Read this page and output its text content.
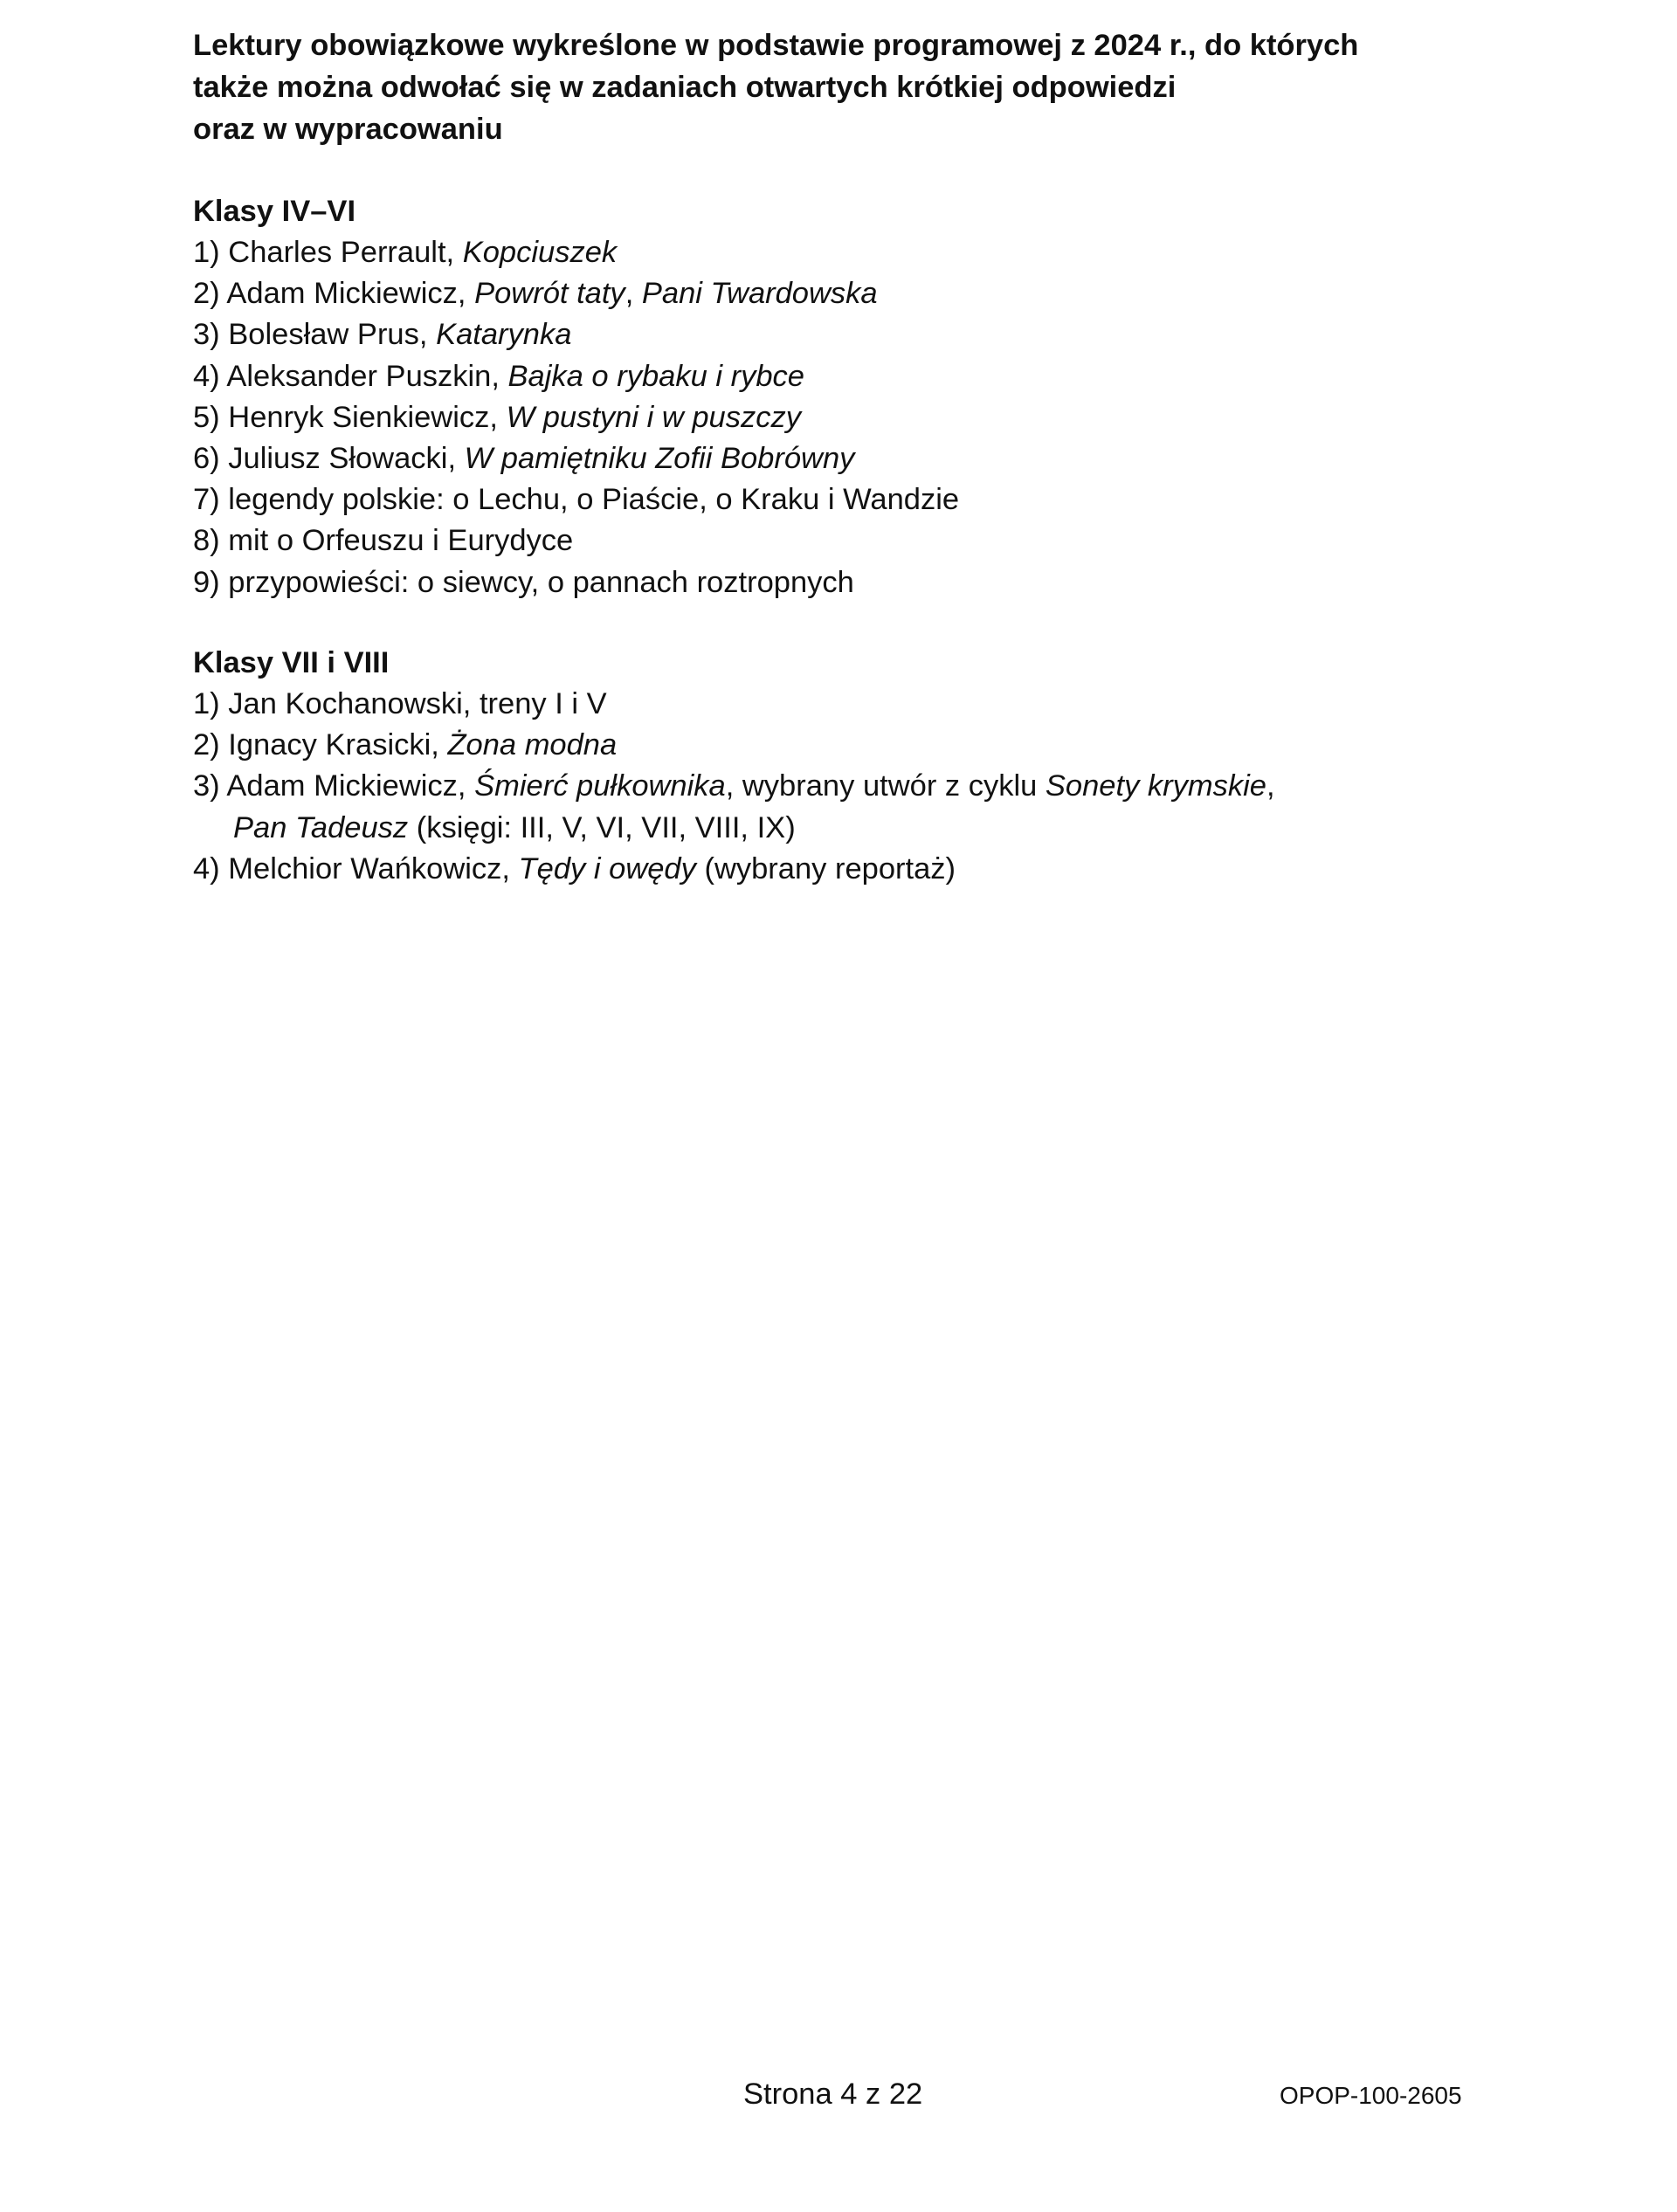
Lektury obowiązkowe wykreślone w podstawie programowej z 2024 r., do których
także można odwołać się w zadaniach otwartych krótkiej odpowiedzi
oraz w wypracowaniu
Klasy IV–VI
1) Charles Perrault, Kopciuszek
2) Adam Mickiewicz, Powrót taty, Pani Twardowska
3) Bolesław Prus, Katarynka
4) Aleksander Puszkin, Bajka o rybaku i rybce
5) Henryk Sienkiewicz, W pustyni i w puszczy
6) Juliusz Słowacki, W pamiętniku Zofii Bobrówny
7) legendy polskie: o Lechu, o Piaście, o Kraku i Wandzie
8) mit o Orfeuszu i Eurydyce
9) przypowieści: o siewcy, o pannach roztropnych
Klasy VII i VIII
1) Jan Kochanowski, treny I i V
2) Ignacy Krasicki, Żona modna
3) Adam Mickiewicz, Śmierć pułkownika, wybrany utwór z cyklu Sonety krymskie,
Pan Tadeusz (księgi: III, V, VI, VII, VIII, IX)
4) Melchior Wańkowicz, Tędy i owędy (wybrany reportaż)
Strona 4 z 22	OPOP-100-2605
